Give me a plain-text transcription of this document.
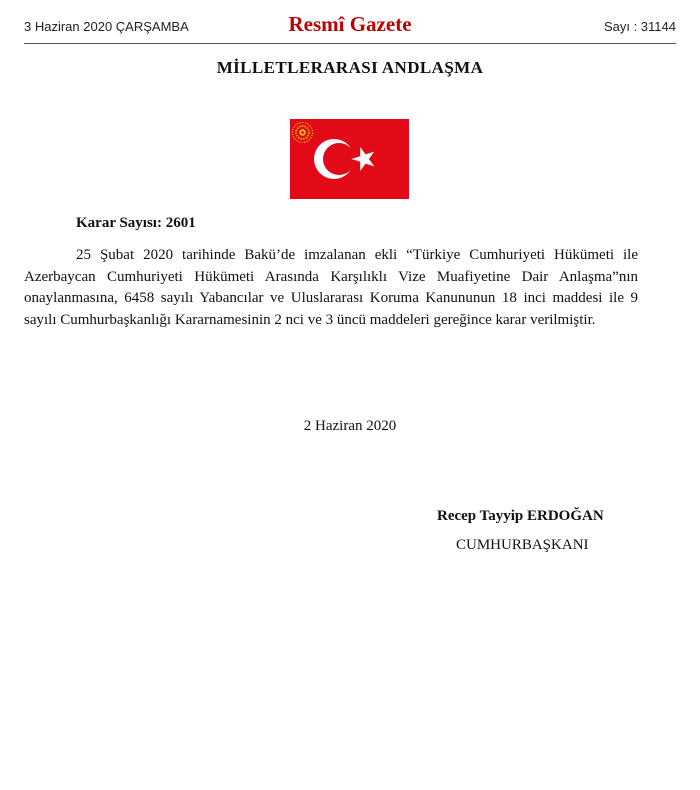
3 Haziran 2020 ÇARŞAMBA	Resmî Gazete	Sayı : 31144
MİLLETLERARASI ANDLAŞMA
Karar Sayısı: 2601
25 Şubat 2020 tarihinde Bakü’de imzalanan ekli “Türkiye Cumhuriyeti Hükümeti ile Azerbaycan Cumhuriyeti Hükümeti Arasında Karşılıklı Vize Muafiyetine Dair Anlaşma”nın onaylanmasına, 6458 sayılı Yabancılar ve Uluslararası Koruma Kanununun 18 inci maddesi ile 9 sayılı Cumhurbaşkanlığı Kararnamesinin 2 nci ve 3 üncü maddeleri gereğince karar verilmiştir.
2 Haziran 2020
Recep Tayyip ERDOĞAN
CUMHURBAŞKANI
